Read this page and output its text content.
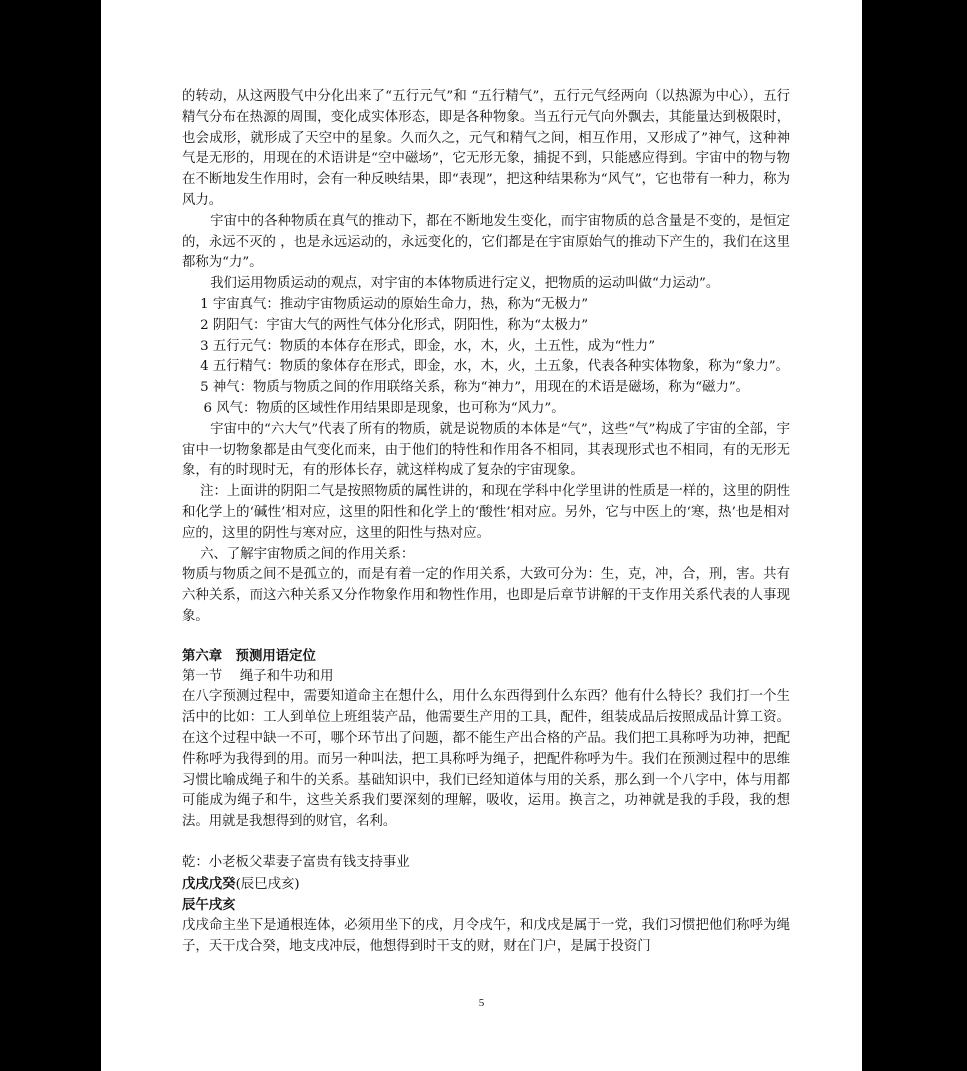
的转动，从这两股气中分化出来了“五行元气”和 “五行精气”，五行元气经两向（以热源为中心），五行精气分布在热源的周围，变化成实体形态，即是各种物象。当五行元气向外飘去，其能量达到极限时，也会成形，就形成了天空中的星象。久而久之，元气和精气之间，相互作用，又形成了”神气，这种神气是无形的，用现在的术语讲是“空中磁场”，它无形无象，捕捉不到，只能感应得到。宇宙中的物与物在不断地发生作用时，会有一种反映结果，即“表现”，把这种结果称为“风气”，它也带有一种力，称为风力。

宇宙中的各种物质在真气的推动下，都在不断地发生变化，而宇宙物质的总含量是不变的，是恒定的，永远不灭的 ，也是永远运动的，永远变化的，它们都是在宇宙原始气的推动下产生的，我们在这里都称为“力”。

我们运用物质运动的观点，对宇宙的本体物质进行定义，把物质的运动叫做“力运动”。

1 宇宙真气：推动宇宙物质运动的原始生命力，热，称为“无极力”

2 阴阳气：宇宙大气的两性气体分化形式，阴阳性，称为“太极力”

3 五行元气：物质的本体存在形式，即金，水，木，火，土五性，成为“性力”

4 五行精气：物质的象体存在形式，即金，水，木，火，土五象，代表各种实体物象，称为“象力”。

5 神气：物质与物质之间的作用联络关系，称为“神力”，用现在的术语是磁场，称为“磁力”。

6 风气：物质的区域性作用结果即是现象，也可称为“风力”。

宇宙中的“六大气”代表了所有的物质，就是说物质的本体是“气”，这些“气”构成了宇宙的全部，宇宙中一切物象都是由气变化而来，由于他们的特性和作用各不相同，其表现形式也不相同，有的无形无象，有的时现时无，有的形体长存，就这样构成了复杂的宇宙现象。

注：上面讲的阴阳二气是按照物质的属性讲的，和现在学科中化学里讲的性质是一样的，这里的阴性和化学上的‘碱性’相对应，这里的阳性和化学上的‘酸性’相对应。另外，它与中医上的‘寒，热’也是相对应的，这里的阴性与寒对应，这里的阳性与热对应。

六、了解宇宙物质之间的作用关系：

物质与物质之间不是孤立的，而是有着一定的作用关系，大致可分为：生，克，冲，合，刑，害。共有六种关系，而这六种关系又分作物象作用和物性作用，也即是后章节讲解的干支作用关系代表的人事现象。

第六章　预测用语定位

第一节　 绳子和牛功和用

在八字预测过程中，需要知道命主在想什么，用什么东西得到什么东西？他有什么特长？我们打一个生活中的比如：工人到单位上班组装产品，他需要生产用的工具，配件，组装成品后按照成品计算工资。在这个过程中缺一不可，哪个环节出了问题，都不能生产出合格的产品。我们把工具称呼为功神，把配件称呼为我得到的用。而另一种叫法，把工具称呼为绳子，把配件称呼为牛。我们在预测过程中的思维习惯比喻成绳子和牛的关系。基础知识中，我们已经知道体与用的关系，那么到一个八字中，体与用都可能成为绳子和牛，这些关系我们要深刻的理解，吸收，运用。换言之，功神就是我的手段，我的想法。用就是我想得到的财官，名利。

乾：小老板父辈妻子富贵有钱支持事业

戊戌戊癸(辰巳戌亥)

辰午戌亥

戊戌命主坐下是通根连体，必须用坐下的戌，月令戌午，和戊戌是属于一党，我们习惯把他们称呼为绳子，天干戊合癸，地支戌冲辰，他想得到时干支的财，财在门户，是属于投资门

5
